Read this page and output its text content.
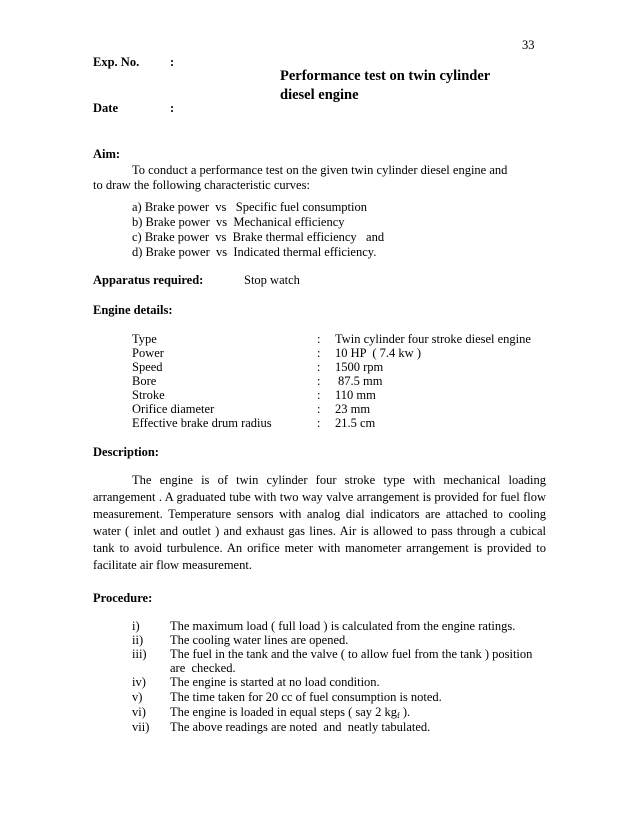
33
Exp. No. :
Performance test on twin cylinder
diesel engine
Date	:
Aim:
To conduct a performance test on the given twin cylinder diesel engine and
to draw the following characteristic curves:
a) Brake power  vs   Specific fuel consumption
b) Brake power  vs  Mechanical efficiency
c) Brake power  vs  Brake thermal efficiency   and
d) Brake power  vs  Indicated thermal efficiency.
Apparatus required:	Stop watch
Engine details:
Type	: Twin cylinder four stroke diesel engine
Power	: 10 HP  ( 7.4 kw )
Speed	: 1500 rpm
Bore	: 87.5 mm
Stroke	: 110 mm
Orifice diameter	: 23 mm
Effective brake drum radius	: 21.5 cm
Description:
The engine is of twin cylinder four stroke type with mechanical loading arrangement . A graduated tube with two way valve arrangement is provided for fuel flow measurement. Temperature sensors with analog dial indicators are attached to cooling water ( inlet and outlet ) and exhaust gas lines. Air is allowed to pass through a cubical tank to avoid turbulence. An orifice meter with manometer arrangement is provided to facilitate air flow measurement.
Procedure:
i) The maximum load ( full load ) is calculated from the engine ratings.
ii) The cooling water lines are opened.
iii) The fuel in the tank and the valve ( to allow fuel from the tank ) position
are  checked.
iv) The engine is started at no load condition.
v) The time taken for 20 cc of fuel consumption is noted.
vi) The engine is loaded in equal steps ( say 2 $kg_f$ ).
vii) The above readings are noted  and  neatly tabulated.
